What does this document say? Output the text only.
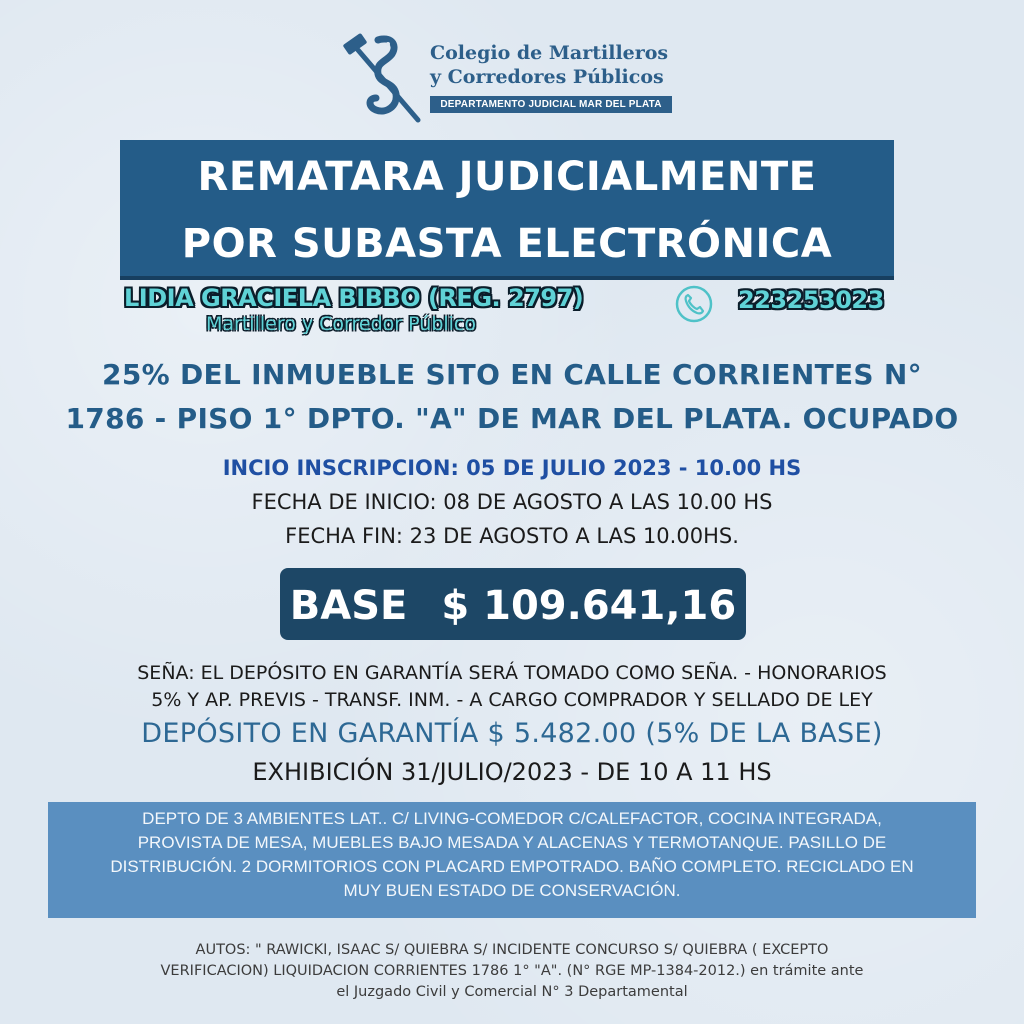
Colegio de Martilleros
y Corredores Públicos
DEPARTAMENTO JUDICIAL MAR DEL PLATA
REMATARA JUDICIALMENTE
POR SUBASTA ELECTRÓNICA
LIDIA GRACIELA BIBBO (REG. 2797)
Martillero y Corredor Público
223253023
25% DEL INMUEBLE SITO EN CALLE CORRIENTES N°
1786 - PISO 1° DPTO. "A" DE MAR DEL PLATA. OCUPADO
INCIO INSCRIPCION: 05 DE JULIO 2023 - 10.00 HS
FECHA DE INICIO: 08 DE AGOSTO A LAS 10.00 HS
FECHA FIN: 23 DE AGOSTO A LAS 10.00HS.
BASE $ 109.641,16
SEÑA: EL DEPÓSITO EN GARANTÍA SERÁ TOMADO COMO SEÑA. - HONORARIOS
5% Y AP. PREVIS - TRANSF. INM. - A CARGO COMPRADOR Y SELLADO DE LEY
DEPÓSITO EN GARANTÍA $ 5.482.00 (5% DE LA BASE)
EXHIBICIÓN 31/JULIO/2023 - DE 10 A 11 HS
DEPTO DE 3 AMBIENTES LAT.. C/ LIVING-COMEDOR C/CALEFACTOR, COCINA INTEGRADA,
PROVISTA DE MESA, MUEBLES BAJO MESADA Y ALACENAS Y TERMOTANQUE. PASILLO DE
DISTRIBUCIÓN. 2 DORMITORIOS CON PLACARD EMPOTRADO. BAÑO COMPLETO. RECICLADO EN
MUY BUEN ESTADO DE CONSERVACIÓN.
AUTOS: " RAWICKI, ISAAC S/ QUIEBRA S/ INCIDENTE CONCURSO S/ QUIEBRA ( EXCEPTO
VERIFICACION) LIQUIDACION CORRIENTES 1786 1° "A". (N° RGE MP-1384-2012.) en trámite ante
el Juzgado Civil y Comercial N° 3 Departamental
